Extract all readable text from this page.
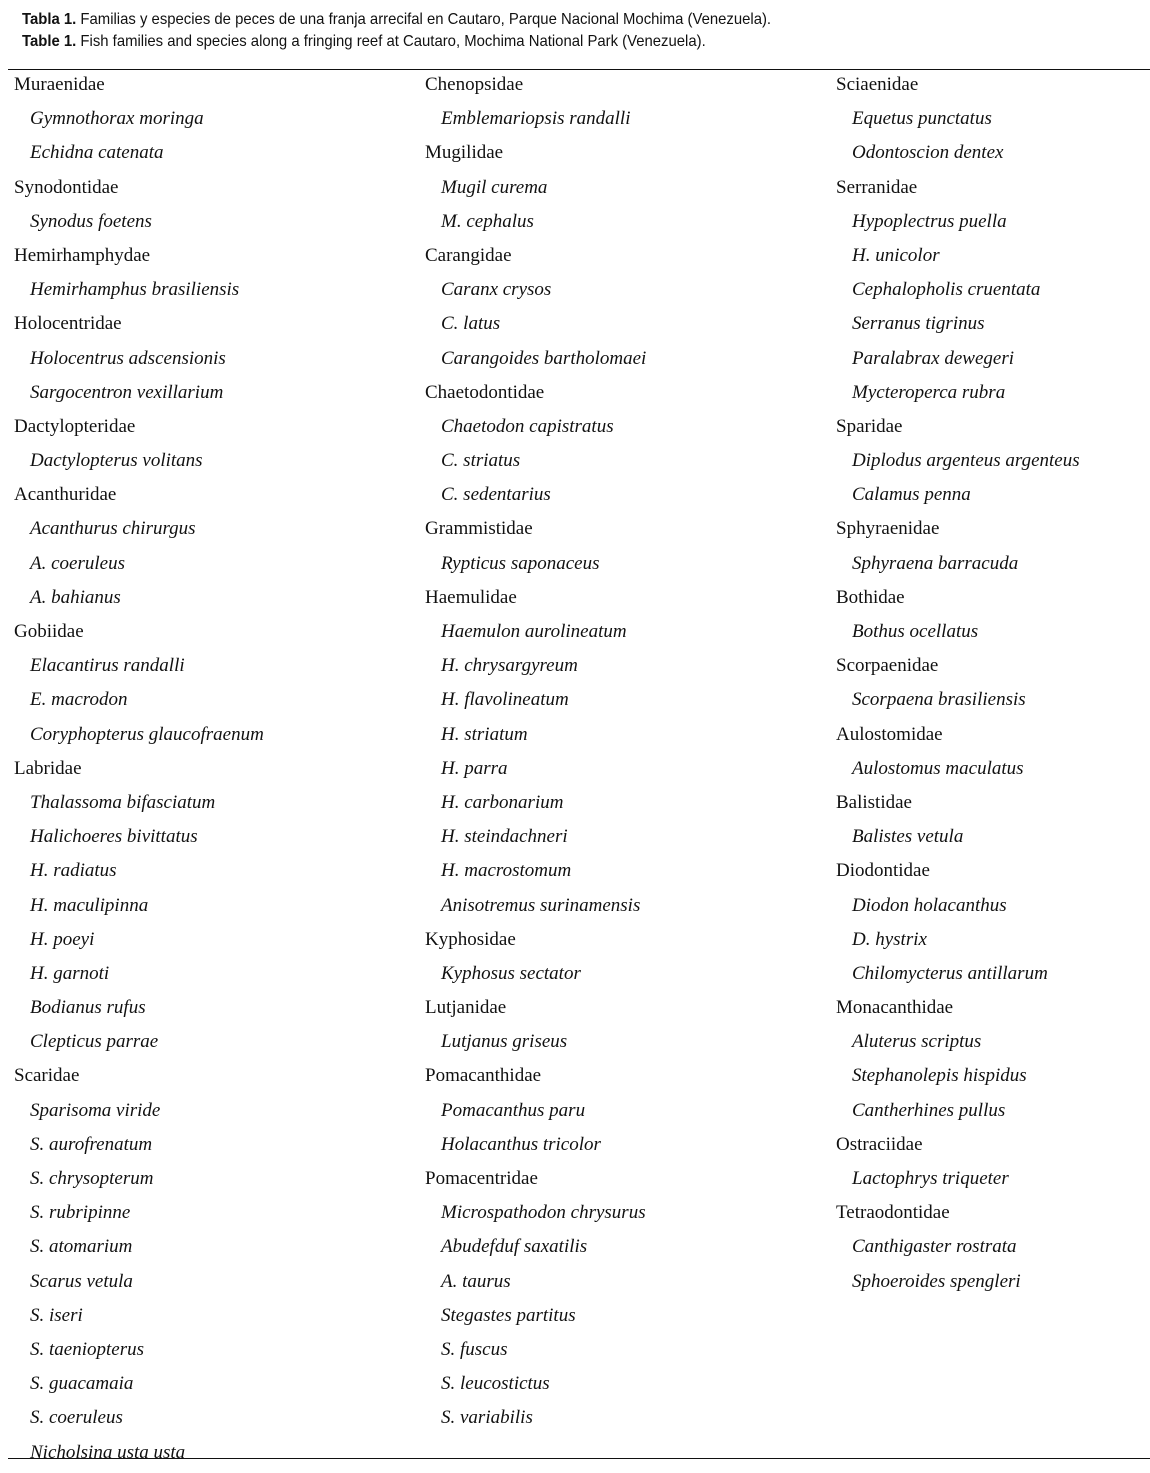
Tabla 1. Familias y especies de peces de una franja arrecifal en Cautaro, Parque Nacional Mochima (Venezuela).
Table 1. Fish families and species along a fringing reef at Cautaro, Mochima National Park (Venezuela).
Muraenidae
Gymnothorax moringa
Echidna catenata
Synodontidae
Synodus foetens
Hemirhamphydae
Hemirhamphus brasiliensis
Holocentridae
Holocentrus adscensionis
Sargocentron vexillarium
Dactylopteridae
Dactylopterus volitans
Acanthuridae
Acanthurus chirurgus
A. coeruleus
A. bahianus
Gobiidae
Elacantirus randalli
E. macrodon
Coryphopterus glaucofraenum
Labridae
Thalassoma bifasciatum
Halichoeres bivittatus
H. radiatus
H. maculipinna
H. poeyi
H. garnoti
Bodianus rufus
Clepticus parrae
Scaridae
Sparisoma viride
S. aurofrenatum
S. chrysopterum
S. rubripinne
S. atomarium
Scarus vetula
S. iseri
S. taeniopterus
S. guacamaia
S. coeruleus
Nicholsina usta usta
Chenopsidae
Emblemariopsis randalli
Mugilidae
Mugil curema
M. cephalus
Carangidae
Caranx crysos
C. latus
Carangoides bartholomaei
Chaetodontidae
Chaetodon capistratus
C. striatus
C. sedentarius
Grammistidae
Rypticus saponaceus
Haemulidae
Haemulon aurolineatum
H. chrysargyreum
H. flavolineatum
H. striatum
H. parra
H. carbonarium
H. steindachneri
H. macrostomum
Anisotremus surinamensis
Kyphosidae
Kyphosus sectator
Lutjanidae
Lutjanus griseus
Pomacanthidae
Pomacanthus paru
Holacanthus tricolor
Pomacentridae
Microspathodon chrysurus
Abudefduf saxatilis
A. taurus
Stegastes partitus
S. fuscus
S. leucostictus
S. variabilis
Sciaenidae
Equetus punctatus
Odontoscion dentex
Serranidae
Hypoplectrus puella
H. unicolor
Cephalopholis cruentata
Serranus tigrinus
Paralabrax dewegeri
Mycteroperca rubra
Sparidae
Diplodus argenteus argenteus
Calamus penna
Sphyraenidae
Sphyraena barracuda
Bothidae
Bothus ocellatus
Scorpaenidae
Scorpaena brasiliensis
Aulostomidae
Aulostomus maculatus
Balistidae
Balistes vetula
Diodontidae
Diodon holacanthus
D. hystrix
Chilomycterus antillarum
Monacanthidae
Aluterus scriptus
Stephanolepis hispidus
Cantherhines pullus
Ostraciidae
Lactophrys triqueter
Tetraodontidae
Canthigaster rostrata
Sphoeroides spengleri
